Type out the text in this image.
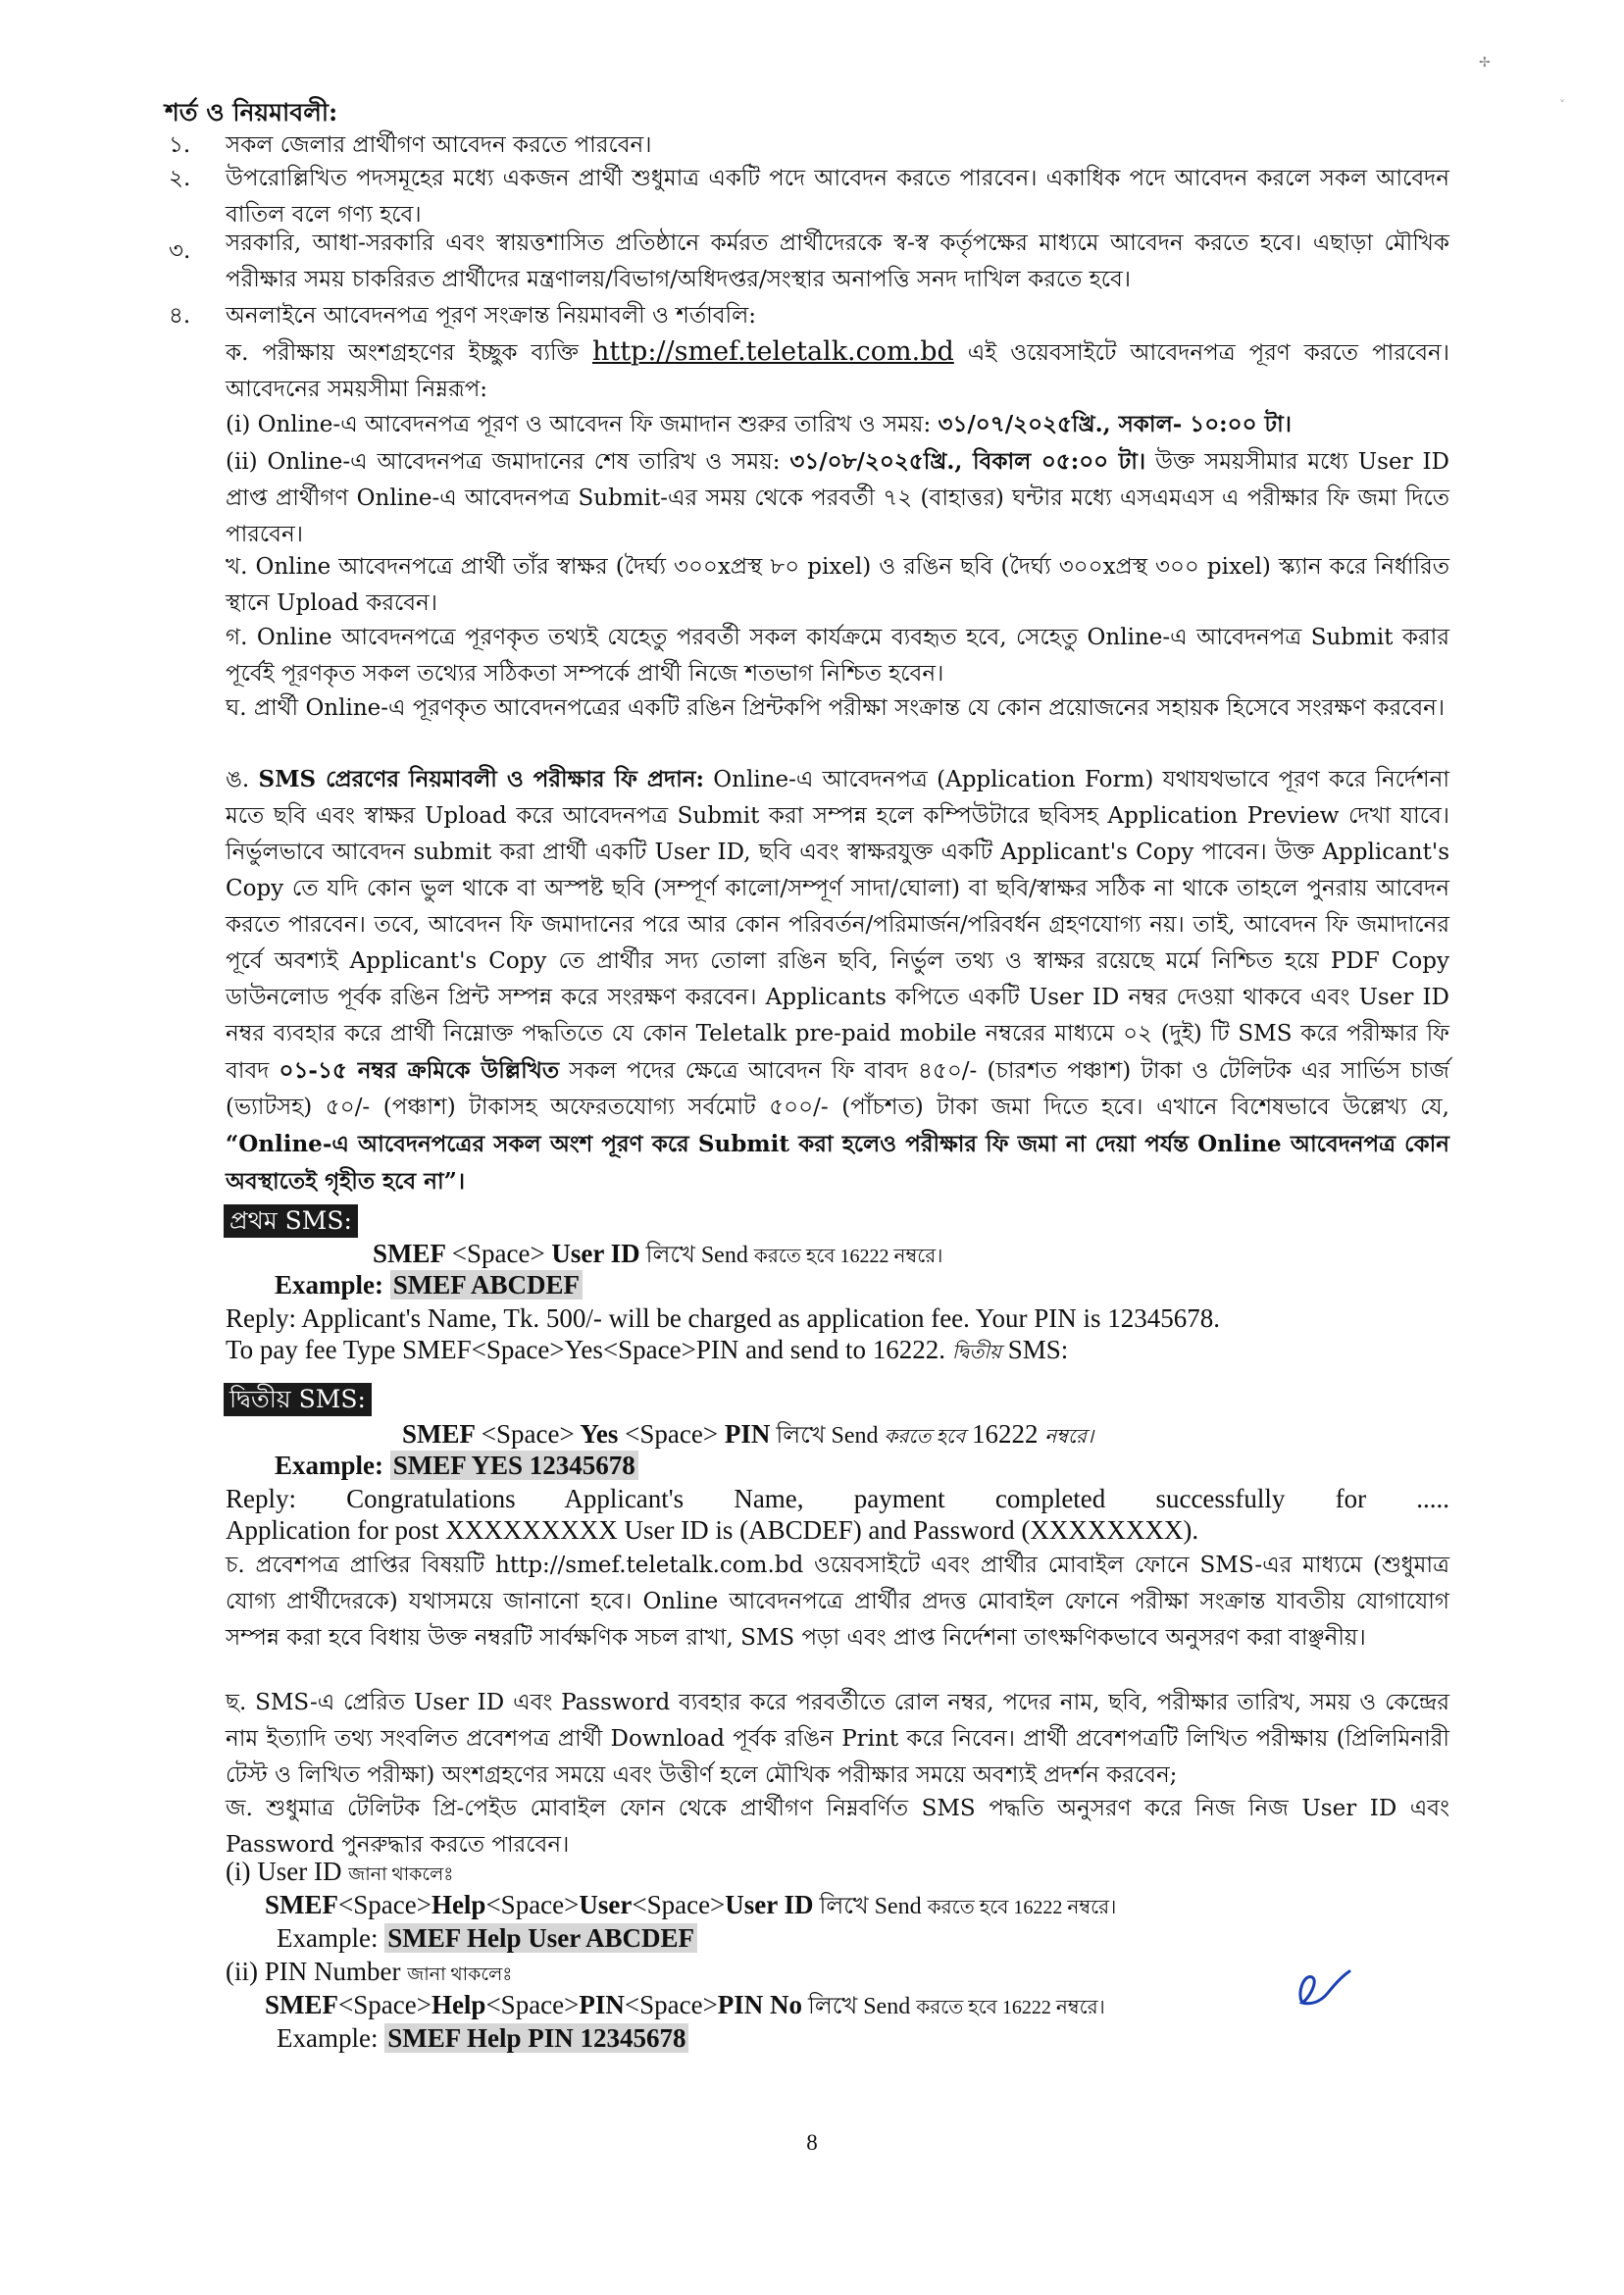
✢
˅
শর্ত ও নিয়মাবলী:
১. সকল জেলার প্রার্থীগণ আবেদন করতে পারবেন।
২. উপরোল্লিখিত পদসমূহের মধ্যে একজন প্রার্থী শুধুমাত্র একটি পদে আবেদন করতে পারবেন। একাধিক পদে আবেদন করলে সকল আবেদন বাতিল বলে গণ্য হবে।
৩. সরকারি, আধা-সরকারি এবং স্বায়ত্তশাসিত প্রতিষ্ঠানে কর্মরত প্রার্থীদেরকে স্ব-স্ব কর্তৃপক্ষের মাধ্যমে আবেদন করতে হবে। এছাড়া মৌখিক পরীক্ষার সময় চাকরিরত প্রার্থীদের মন্ত্রণালয়/বিভাগ/অধিদপ্তর/সংস্থার অনাপত্তি সনদ দাখিল করতে হবে।
৪. অনলাইনে আবেদনপত্র পূরণ সংক্রান্ত নিয়মাবলী ও শর্তাবলি:
ক. পরীক্ষায় অংশগ্রহণের ইচ্ছুক ব্যক্তি http://smef.teletalk.com.bd এই ওয়েবসাইটে আবেদনপত্র পূরণ করতে পারবেন। আবেদনের সময়সীমা নিম্নরূপ:
(i) Online-এ আবেদনপত্র পূরণ ও আবেদন ফি জমাদান শুরুর তারিখ ও সময়: ৩১/০৭/২০২৫খ্রি., সকাল- ১০:০০ টা।
(ii) Online-এ আবেদনপত্র জমাদানের শেষ তারিখ ও সময়: ৩১/০৮/২০২৫খ্রি., বিকাল ০৫:০০ টা। উক্ত সময়সীমার মধ্যে User ID প্রাপ্ত প্রার্থীগণ Online-এ আবেদনপত্র Submit-এর সময় থেকে পরবর্তী ৭২ (বাহাত্তর) ঘন্টার মধ্যে এসএমএস এ পরীক্ষার ফি জমা দিতে পারবেন।
খ. Online আবেদনপত্রে প্রার্থী তাঁর স্বাক্ষর (দৈর্ঘ্য ৩০০xপ্রস্থ ৮০ pixel) ও রঙিন ছবি (দৈর্ঘ্য ৩০০xপ্রস্থ ৩০০ pixel) স্ক্যান করে নির্ধারিত স্থানে Upload করবেন।
গ. Online আবেদনপত্রে পূরণকৃত তথ্যই যেহেতু পরবর্তী সকল কার্যক্রমে ব্যবহৃত হবে, সেহেতু Online-এ আবেদনপত্র Submit করার পূর্বেই পূরণকৃত সকল তথ্যের সঠিকতা সম্পর্কে প্রার্থী নিজে শতভাগ নিশ্চিত হবেন।
ঘ. প্রার্থী Online-এ পূরণকৃত আবেদনপত্রের একটি রঙিন প্রিন্টকপি পরীক্ষা সংক্রান্ত যে কোন প্রয়োজনের সহায়ক হিসেবে সংরক্ষণ করবেন।
ঙ. SMS প্রেরণের নিয়মাবলী ও পরীক্ষার ফি প্রদান: Online-এ আবেদনপত্র (Application Form) যথাযথভাবে পূরণ করে নির্দেশনা মতে ছবি এবং স্বাক্ষর Upload করে আবেদনপত্র Submit করা সম্পন্ন হলে কম্পিউটারে ছবিসহ Application Preview দেখা যাবে। নির্ভুলভাবে আবেদন submit করা প্রার্থী একটি User ID, ছবি এবং স্বাক্ষরযুক্ত একটি Applicant's Copy পাবেন। উক্ত Applicant's Copy তে যদি কোন ভুল থাকে বা অস্পষ্ট ছবি (সম্পূর্ণ কালো/সম্পূর্ণ সাদা/ঘোলা) বা ছবি/স্বাক্ষর সঠিক না থাকে তাহলে পুনরায় আবেদন করতে পারবেন। তবে, আবেদন ফি জমাদানের পরে আর কোন পরিবর্তন/পরিমার্জন/পরিবর্ধন গ্রহণযোগ্য নয়। তাই, আবেদন ফি জমাদানের পূর্বে অবশ্যই Applicant's Copy তে প্রার্থীর সদ্য তোলা রঙিন ছবি, নির্ভুল তথ্য ও স্বাক্ষর রয়েছে মর্মে নিশ্চিত হয়ে PDF Copy ডাউনলোড পূর্বক রঙিন প্রিন্ট সম্পন্ন করে সংরক্ষণ করবেন। Applicants কপিতে একটি User ID নম্বর দেওয়া থাকবে এবং User ID নম্বর ব্যবহার করে প্রার্থী নিম্নোক্ত পদ্ধতিতে যে কোন Teletalk pre-paid mobile নম্বরের মাধ্যমে ০২ (দুই) টি SMS করে পরীক্ষার ফি বাবদ ০১-১৫ নম্বর ক্রমিকে উল্লিখিত সকল পদের ক্ষেত্রে আবেদন ফি বাবদ ৪৫০/- (চারশত পঞ্চাশ) টাকা ও টেলিটক এর সার্ভিস চার্জ (ভ্যাটসহ) ৫০/- (পঞ্চাশ) টাকাসহ অফেরতযোগ্য সর্বমোট ৫০০/- (পাঁচশত) টাকা জমা দিতে হবে। এখানে বিশেষভাবে উল্লেখ্য যে, “Online-এ আবেদনপত্রের সকল অংশ পূরণ করে Submit করা হলেও পরীক্ষার ফি জমা না দেয়া পর্যন্ত Online আবেদনপত্র কোন অবস্থাতেই গৃহীত হবে না”।
প্রথম SMS:
SMEF <Space> User ID লিখে Send করতে হবে 16222 নম্বরে।
Example: SMEF ABCDEF
Reply: Applicant's Name, Tk. 500/- will be charged as application fee. Your PIN is 12345678.
To pay fee Type SMEF<Space>Yes<Space>PIN and send to 16222. দ্বিতীয় SMS:
দ্বিতীয় SMS:
SMEF <Space> Yes <Space> PIN লিখে Send করতে হবে 16222 নম্বরে।
Example: SMEF YES 12345678
Reply: Congratulations Applicant's Name, payment completed successfully for .....
Application for post XXXXXXXXX User ID is (ABCDEF) and Password (XXXXXXXX).
চ. প্রবেশপত্র প্রাপ্তির বিষয়টি http://smef.teletalk.com.bd ওয়েবসাইটে এবং প্রার্থীর মোবাইল ফোনে SMS-এর মাধ্যমে (শুধুমাত্র যোগ্য প্রার্থীদেরকে) যথাসময়ে জানানো হবে। Online আবেদনপত্রে প্রার্থীর প্রদত্ত মোবাইল ফোনে পরীক্ষা সংক্রান্ত যাবতীয় যোগাযোগ সম্পন্ন করা হবে বিধায় উক্ত নম্বরটি সার্বক্ষণিক সচল রাখা, SMS পড়া এবং প্রাপ্ত নির্দেশনা তাৎক্ষণিকভাবে অনুসরণ করা বাঞ্ছনীয়।
ছ. SMS-এ প্রেরিত User ID এবং Password ব্যবহার করে পরবর্তীতে রোল নম্বর, পদের নাম, ছবি, পরীক্ষার তারিখ, সময় ও কেন্দ্রের নাম ইত্যাদি তথ্য সংবলিত প্রবেশপত্র প্রার্থী Download পূর্বক রঙিন Print করে নিবেন। প্রার্থী প্রবেশপত্রটি লিখিত পরীক্ষায় (প্রিলিমিনারী টেস্ট ও লিখিত পরীক্ষা) অংশগ্রহণের সময়ে এবং উত্তীর্ণ হলে মৌখিক পরীক্ষার সময়ে অবশ্যই প্রদর্শন করবেন;
জ. শুধুমাত্র টেলিটক প্রি-পেইড মোবাইল ফোন থেকে প্রার্থীগণ নিম্নবর্ণিত SMS পদ্ধতি অনুসরণ করে নিজ নিজ User ID এবং Password পুনরুদ্ধার করতে পারবেন।
(i) User ID জানা থাকলেঃ
SMEF<Space>Help<Space>User<Space>User ID লিখে Send করতে হবে 16222 নম্বরে।
Example: SMEF Help User ABCDEF
(ii) PIN Number জানা থাকলেঃ
SMEF<Space>Help<Space>PIN<Space>PIN No লিখে Send করতে হবে 16222 নম্বরে।
Example: SMEF Help PIN 12345678
8
